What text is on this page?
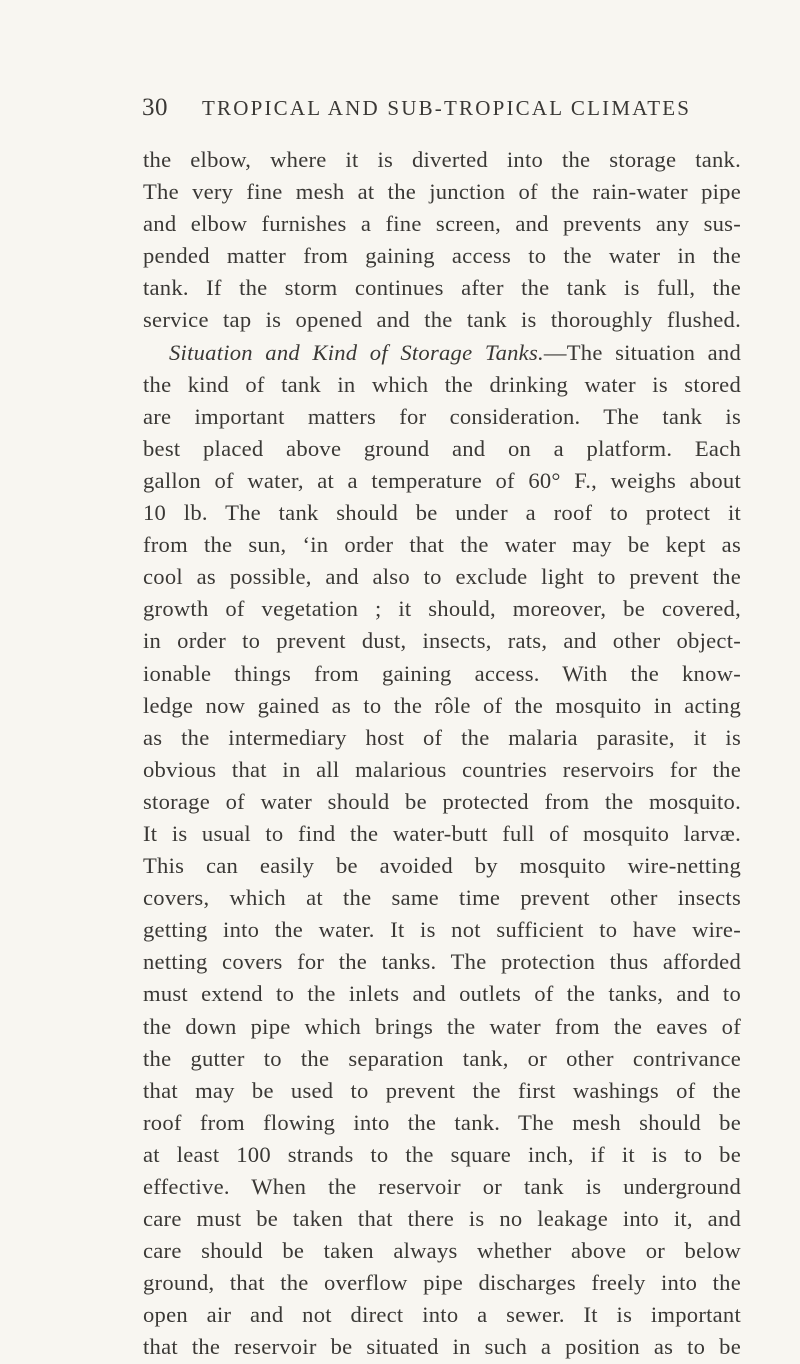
30 TROPICAL AND SUB-TROPICAL CLIMATES
the elbow, where it is diverted into the storage tank.
The very fine mesh at the junction of the rain-water pipe
and elbow furnishes a fine screen, and prevents any sus-
pended matter from gaining access to the water in the
tank. If the storm continues after the tank is full, the
service tap is opened and the tank is thoroughly flushed.
Situation and Kind of Storage Tanks.—The situation and
the kind of tank in which the drinking water is stored
are important matters for consideration. The tank is
best placed above ground and on a platform. Each
gallon of water, at a temperature of 60° F., weighs about
10 lb. The tank should be under a roof to protect it
from the sun, ‘in order that the water may be kept as
cool as possible, and also to exclude light to prevent the
growth of vegetation ; it should, moreover, be covered,
in order to prevent dust, insects, rats, and other object-
ionable things from gaining access. With the know-
ledge now gained as to the rôle of the mosquito in acting
as the intermediary host of the malaria parasite, it is
obvious that in all malarious countries reservoirs for the
storage of water should be protected from the mosquito.
It is usual to find the water-butt full of mosquito larvæ.
This can easily be avoided by mosquito wire-netting
covers, which at the same time prevent other insects
getting into the water. It is not sufficient to have wire-
netting covers for the tanks. The protection thus afforded
must extend to the inlets and outlets of the tanks, and to
the down pipe which brings the water from the eaves of
the gutter to the separation tank, or other contrivance
that may be used to prevent the first washings of the
roof from flowing into the tank. The mesh should be
at least 100 strands to the square inch, if it is to be
effective. When the reservoir or tank is underground
care must be taken that there is no leakage into it, and
care should be taken always whether above or below
ground, that the overflow pipe discharges freely into the
open air and not direct into a sewer. It is important
that the reservoir be situated in such a position as to be
